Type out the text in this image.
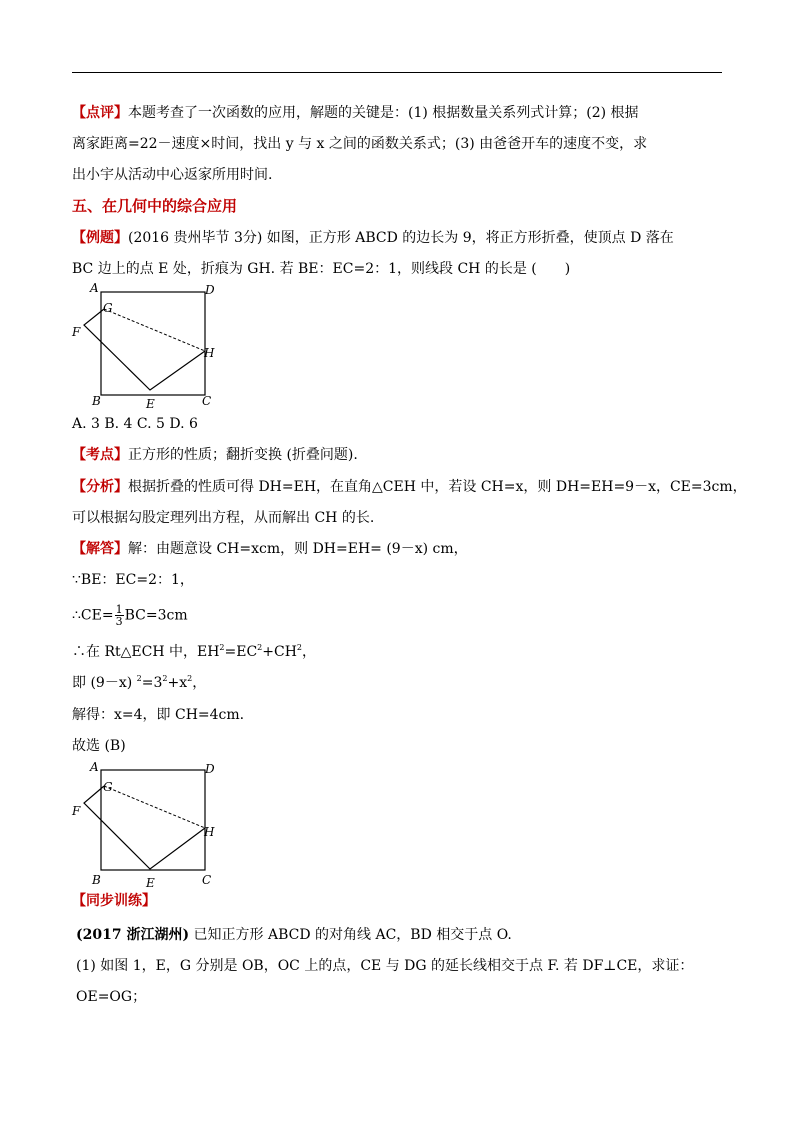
【点评】本题考查了一次函数的应用，解题的关键是：(1) 根据数量关系列式计算；(2) 根据
离家距离=22－速度×时间，找出 y 与 x 之间的函数关系式；(3) 由爸爸开车的速度不变，求
出小宇从活动中心返家所用时间.
五、在几何中的综合应用
【例题】(2016 贵州毕节 3分) 如图，正方形 ABCD 的边长为 9，将正方形折叠，使顶点 D 落在
BC 边上的点 E 处，折痕为 GH. 若 BE：EC=2：1，则线段 CH 的长是 (　　)
A
G
D
F
H
B	E	C
A. 3 B. 4 C. 5 D. 6
【考点】正方形的性质；翻折变换 (折叠问题).
【分析】根据折叠的性质可得 DH=EH，在直角△CEH 中，若设 CH=x，则 DH=EH=9－x，CE=3cm，
可以根据勾股定理列出方程，从而解出 CH 的长.
【解答】解：由题意设 CH=xcm，则 DH=EH= (9－x) cm，
∵BE：EC=2：1，
∴CE= $\frac{1}{3} BC=3cm$
∴在 Rt△ECH 中，$EH^2=EC^2+CH^2$，
即 (9－x) $^2=3^2+x^2$，
解得：x=4，即 CH=4cm.
故选 (B)
A
G
D
F
H
B	E	C
【同步训练】
(2017 浙江湖州) 已知正方形 ABCD 的对角线 AC，BD 相交于点 O.
(1) 如图 1，E，G 分别是 OB，OC 上的点，CE 与 DG 的延长线相交于点 F. 若 DF⊥CE，求证：
OE=OG；
